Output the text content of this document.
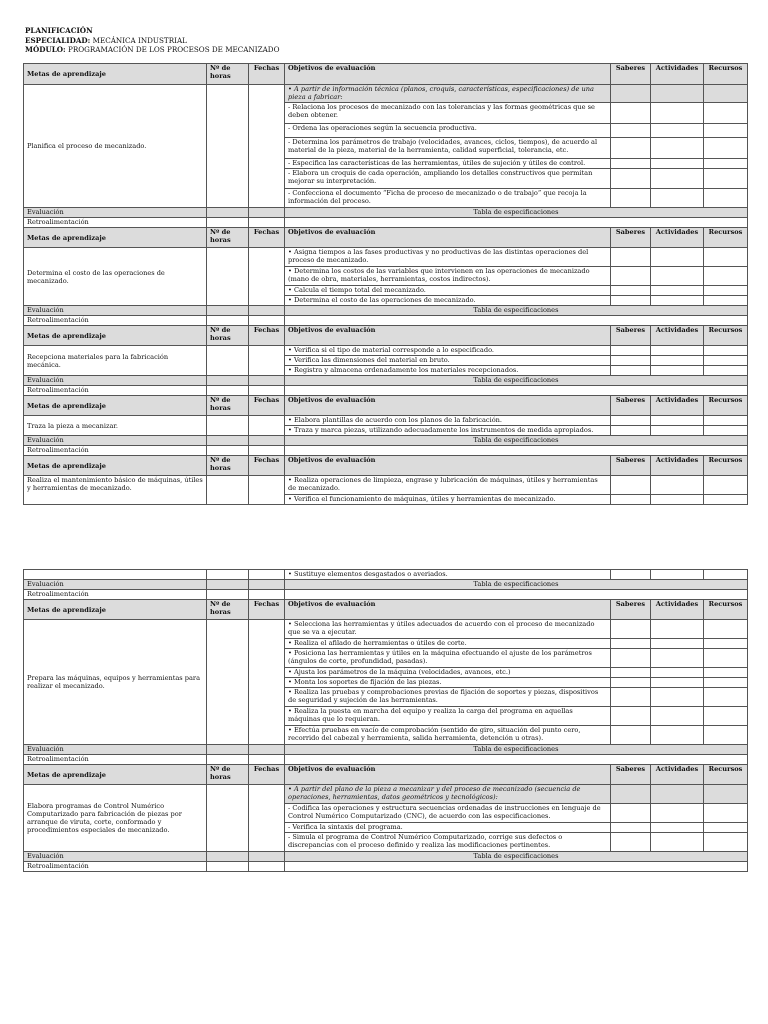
PLANIFICACIÓN
ESPECIALIDAD: MECÁNICA INDUSTRIAL
MÓDULO: PROGRAMACIÓN DE LOS PROCESOS DE MECANIZADO
Metas de aprendizaje	Nº de horas	Fechas	Objetivos de evaluación	Saberes	Actividades	Recursos
Planifica el proceso de mecanizado.			• A partir de información técnica (planos, croquis, características, especificaciones) de una pieza a fabricar:			
			- Relaciona los procesos de mecanizado con las tolerancias y las formas geométricas que se deben obtener.			
			- Ordena las operaciones según la secuencia productiva.			
			- Determina los parámetros de trabajo (velocidades, avances, ciclos, tiempos), de acuerdo al material de la pieza, material de la herramienta, calidad superficial, tolerancia, etc.			
			- Especifica las características de las herramientas, útiles de sujeción y útiles de control.			
			- Elabora un croquis de cada operación, ampliando los detalles constructivos que permitan mejorar su interpretación.			
			- Confecciona el documento “Ficha de proceso de mecanizado o de trabajo” que recoja la información del proceso.			
Evaluación			Tabla de especificaciones			
Retroalimentación						
Metas de aprendizaje	Nº de horas	Fechas	Objetivos de evaluación	Saberes	Actividades	Recursos
Determina el costo de las operaciones de mecanizado.			• Asigna tiempos a las fases productivas y no productivas de las distintas operaciones del proceso de mecanizado.			
			• Determina los costos de las variables que intervienen en las operaciones de mecanizado (mano de obra, materiales, herramientas, costos indirectos).			
			• Calcula el tiempo total del mecanizado.			
			• Determina el costo de las operaciones de mecanizado.			
Evaluación			Tabla de especificaciones			
Retroalimentación						
Metas de aprendizaje	Nº de horas	Fechas	Objetivos de evaluación	Saberes	Actividades	Recursos
Recepciona materiales para la fabricación mecánica.			• Verifica si el tipo de material corresponde a lo especificado.			
			• Verifica las dimensiones del material en bruto.			
			• Registra y almacena ordenadamente los materiales recepcionados.			
Evaluación			Tabla de especificaciones			
Retroalimentación						
Metas de aprendizaje	Nº de horas	Fechas	Objetivos de evaluación	Saberes	Actividades	Recursos
Traza la pieza a mecanizar.			• Elabora plantillas de acuerdo con los planos de la fabricación.			
			• Traza y marca piezas, utilizando adecuadamente los instrumentos de medida apropiados.			
Evaluación			Tabla de especificaciones			
Retroalimentación						
Metas de aprendizaje	Nº de horas	Fechas	Objetivos de evaluación	Saberes	Actividades	Recursos
Realiza el mantenimiento básico de máquinas, útiles y herramientas de mecanizado.			• Realiza operaciones de limpieza, engrase y lubricación de máquinas, útiles y herramientas de mecanizado.			
			• Verifica el funcionamiento de máquinas, útiles y herramientas de mecanizado.			
			• Sustituye elementos desgastados o averiados.			
Evaluación			Tabla de especificaciones			
Retroalimentación						
Metas de aprendizaje	Nº de horas	Fechas	Objetivos de evaluación	Saberes	Actividades	Recursos
Prepara las máquinas, equipos y herramientas para realizar el mecanizado.			• Selecciona las herramientas y útiles adecuados de acuerdo con el proceso de mecanizado que se va a ejecutar.			
			• Realiza el afilado de herramientas o útiles de corte.			
			• Posiciona las herramientas y útiles en la máquina efectuando el ajuste de los parámetros (ángulos de corte, profundidad, pasadas).			
			• Ajusta los parámetros de la máquina (velocidades, avances, etc.)			
			• Monta los soportes de fijación de las piezas.			
			• Realiza las pruebas y comprobaciones previas de fijación de soportes y piezas, dispositivos de seguridad y sujeción de las herramientas.			
			• Realiza la puesta en marcha del equipo y realiza la carga del programa en aquellas máquinas que lo requieran.			
			• Efectúa pruebas en vacío de comprobación (sentido de giro, situación del punto cero, recorrido del cabezal y herramienta, salida herramienta, detención u otras).			
Evaluación			Tabla de especificaciones			
Retroalimentación						
Metas de aprendizaje	Nº de horas	Fechas	Objetivos de evaluación	Saberes	Actividades	Recursos
Elabora programas de Control Numérico Computarizado para fabricación de piezas por arranque de viruta, corte, conformado y procedimientos especiales de mecanizado.			• A partir del plano de la pieza a mecanizar y del proceso de mecanizado (secuencia de operaciones, herramientas, datos geométricos y tecnológicos):			
			- Codifica las operaciones y estructura secuencias ordenadas de instrucciones en lenguaje de Control Numérico Computarizado (CNC), de acuerdo con las especificaciones.			
			- Verifica la sintaxis del programa.			
			- Simula el programa de Control Numérico Computarizado, corrige sus defectos o discrepancias con el proceso definido y realiza las modificaciones pertinentes.			
Evaluación			Tabla de especificaciones			
Retroalimentación						
